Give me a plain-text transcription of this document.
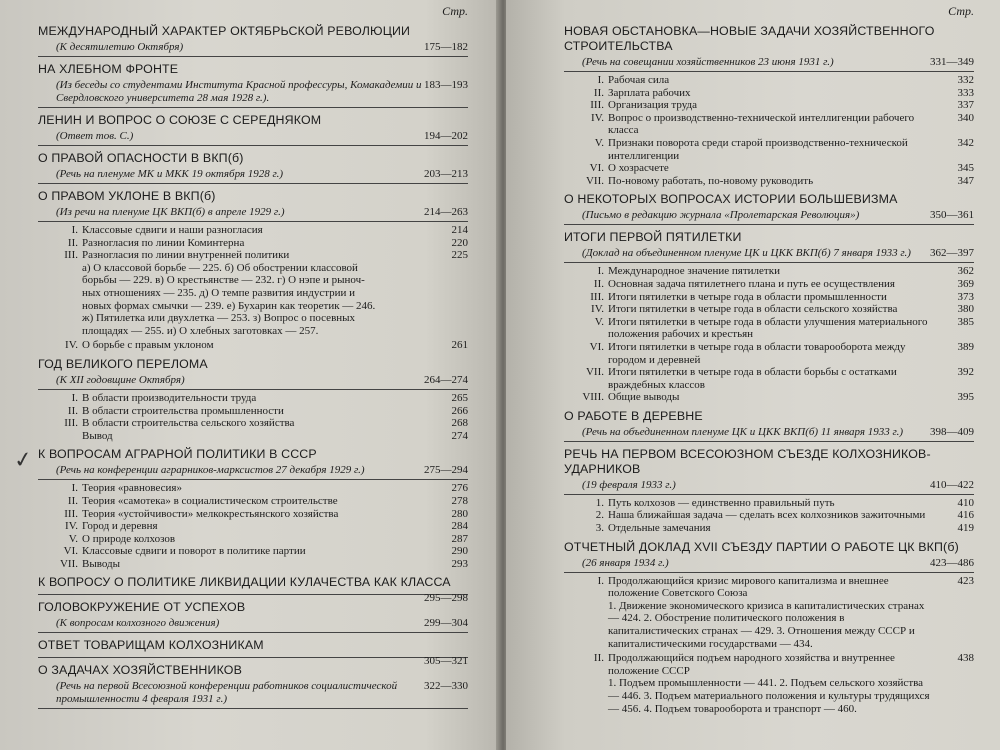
Стр.
МЕЖДУНАРОДНЫЙ ХАРАКТЕР ОКТЯБРЬСКОЙ РЕВОЛЮЦИИ
175—182
(К десятилетию Октября)
НА ХЛЕБНОМ ФРОНТЕ
183—193
(Из беседы со студентами Института Красной профессуры, Комакадемии и Свердловского университета 28 мая 1928 г.).
ЛЕНИН И ВОПРОС О СОЮЗЕ С СЕРЕДНЯКОМ
194—202
(Ответ тов. С.)
О ПРАВОЙ ОПАСНОСТИ В ВКП(б)
203—213
(Речь на пленуме МК и МКК 19 октября 1928 г.)
О ПРАВОМ УКЛОНЕ В ВКП(б)
214—263
(Из речи на пленуме ЦК ВКП(б) в апреле 1929 г.)
I. Классовые сдвиги и наши разногласия	214
II. Разногласия по линии Коминтерна	220
III. Разногласия по линии внутренней политики	225
а) О классовой борьбе — 225. б) Об обострении классовой
борьбы — 229. в) О крестьянстве — 232. г) О нэпе и рыноч-
ных отношениях — 235. д) О темпе развития индустрии и
новых формах смычки — 239. е) Бухарин как теоретик — 246.
ж) Пятилетка или двухлетка — 253. з) Вопрос о посевных
площадях — 255. и) О хлебных заготовках — 257.
IV. О борьбе с правым уклоном	261
ГОД ВЕЛИКОГО ПЕРЕЛОМА
264—274
(К XII годовщине Октября)
I. В области производительности труда	265
II. В области строительства промышленности	266
III. В области строительства сельского хозяйства	268
Вывод	274
К ВОПРОСАМ АГРАРНОЙ ПОЛИТИКИ В СССР
275—294
(Речь на конференции аграрников-марксистов 27 декабря 1929 г.)
I. Теория «равновесия»	276
II. Теория «самотека» в социалистическом строительстве	278
III. Теория «устойчивости» мелкокрестьянского хозяйства	280
IV. Город и деревня	284
V. О природе колхозов	287
VI. Классовые сдвиги и поворот в политике партии	290
VII. Выводы	293
К ВОПРОСУ О ПОЛИТИКЕ ЛИКВИДАЦИИ КУЛАЧЕСТВА КАК КЛАССА
295—298
ГОЛОВОКРУЖЕНИЕ ОТ УСПЕХОВ
299—304
(К вопросам колхозного движения)
ОТВЕТ ТОВАРИЩАМ КОЛХОЗНИКАМ
305—321
О ЗАДАЧАХ ХОЗЯЙСТВЕННИКОВ
322—330
(Речь на первой Всесоюзной конференции работников социалистической промышленности 4 февраля 1931 г.)
✓
Стр.
НОВАЯ ОБСТАНОВКА—НОВЫЕ ЗАДАЧИ ХОЗЯЙСТВЕННОГО СТРОИТЕЛЬСТВА
331—349
(Речь на совещании хозяйственников 23 июня 1931 г.)
I. Рабочая сила	332
II. Зарплата рабочих	333
III. Организация труда	337
IV. Вопрос о производственно-технической интеллигенции рабочего класса
340
V. Признаки поворота среди старой производственно-технической интеллигенции
342
VI. О хозрасчете	345
VII. По-новому работать, по-новому руководить	347
О НЕКОТОРЫХ ВОПРОСАХ ИСТОРИИ БОЛЬШЕВИЗМА
350—361
(Письмо в редакцию журнала «Пролетарская Революция»)
ИТОГИ ПЕРВОЙ ПЯТИЛЕТКИ
362—397
(Доклад на объединенном пленуме ЦК и ЦКК ВКП(б) 7 января 1933 г.)
I. Международное значение пятилетки	362
II. Основная задача пятилетнего плана и путь ее осуществления	369
III. Итоги пятилетки в четыре года в области промышленности	373
IV. Итоги пятилетки в четыре года в области сельского хозяйства	380
V. Итоги пятилетки в четыре года в области улучшения материального положения рабочих и крестьян
385
VI. Итоги пятилетки в четыре года в области товарооборота между городом и деревней
389
VII. Итоги пятилетки в четыре года в области борьбы с остатками враждебных классов
392
VIII. Общие выводы	395
О РАБОТЕ В ДЕРЕВНЕ
398—409
(Речь на объединенном пленуме ЦК и ЦКК ВКП(б) 11 января 1933 г.)
РЕЧЬ НА ПЕРВОМ ВСЕСОЮЗНОМ СЪЕЗДЕ КОЛХОЗНИКОВ-УДАРНИКОВ
410—422
(19 февраля 1933 г.)
1. Путь колхозов — единственно правильный путь	410
2. Наша ближайшая задача — сделать всех колхозников зажиточными	416
3. Отдельные замечания	419
ОТЧЕТНЫЙ ДОКЛАД XVII СЪЕЗДУ ПАРТИИ О РАБОТЕ ЦК ВКП(б)
423—486
(26 января 1934 г.)
I. Продолжающийся кризис мирового капитализма и внешнее положение Советского Союза
423
1. Движение экономического кризиса в капиталистических странах — 424. 2. Обострение политического положения в капиталистических странах — 429. 3. Отношения между СССР и капиталистическими государствами — 434.
II. Продолжающийся подъем народного хозяйства и внутреннее положение СССР
438
1. Подъем промышленности — 441. 2. Подъем сельского хозяйства — 446. 3. Подъем материального положения и культуры трудящихся — 456. 4. Подъем товарооборота и транспорт — 460.
